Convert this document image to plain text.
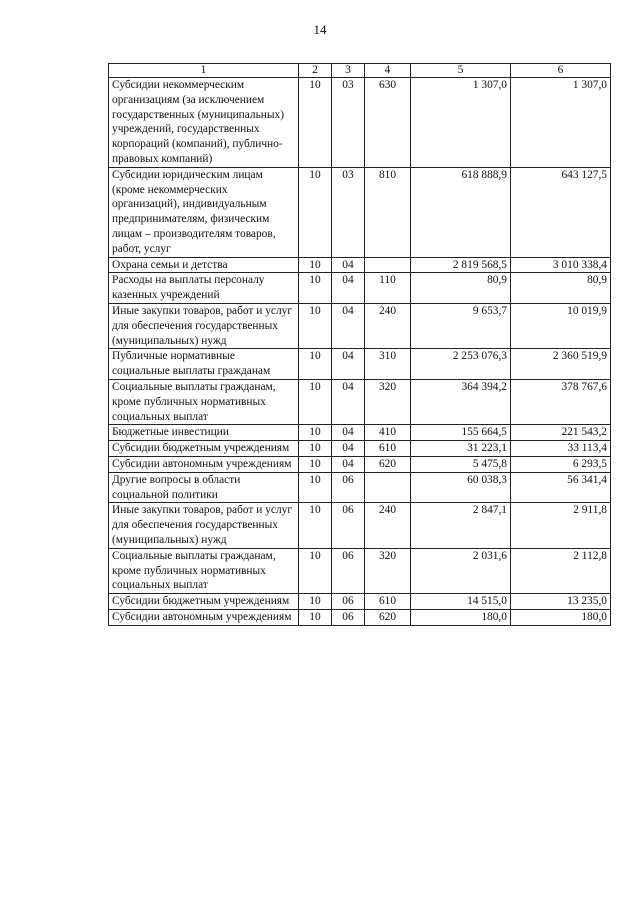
14
1	2	3	4	5	6
Субсидии некоммерческим организациям (за исключением государственных (муниципальных) учреждений, государственных корпораций (компаний), публично-правовых компаний)	10	03	630	1 307,0	1 307,0
Субсидии юридическим лицам (кроме некоммерческих организаций), индивидуальным предпринимателям, физическим лицам – производителям товаров, работ, услуг	10	03	810	618 888,9	643 127,5
Охрана семьи и детства	10	04		2 819 568,5	3 010 338,4
Расходы на выплаты персоналу казенных учреждений	10	04	110	80,9	80,9
Иные закупки товаров, работ и услуг для обеспечения государственных (муниципальных) нужд	10	04	240	9 653,7	10 019,9
Публичные нормативные социальные выплаты гражданам	10	04	310	2 253 076,3	2 360 519,9
Социальные выплаты гражданам, кроме публичных нормативных социальных выплат	10	04	320	364 394,2	378 767,6
Бюджетные инвестиции	10	04	410	155 664,5	221 543,2
Субсидии бюджетным учреждениям	10	04	610	31 223,1	33 113,4
Субсидии автономным учреждениям	10	04	620	5 475,8	6 293,5
Другие вопросы в области социальной политики	10	06		60 038,3	56 341,4
Иные закупки товаров, работ и услуг для обеспечения государственных (муниципальных) нужд	10	06	240	2 847,1	2 911,8
Социальные выплаты гражданам, кроме публичных нормативных социальных выплат	10	06	320	2 031,6	2 112,8
Субсидии бюджетным учреждениям	10	06	610	14 515,0	13 235,0
Субсидии автономным учреждениям	10	06	620	180,0	180,0
